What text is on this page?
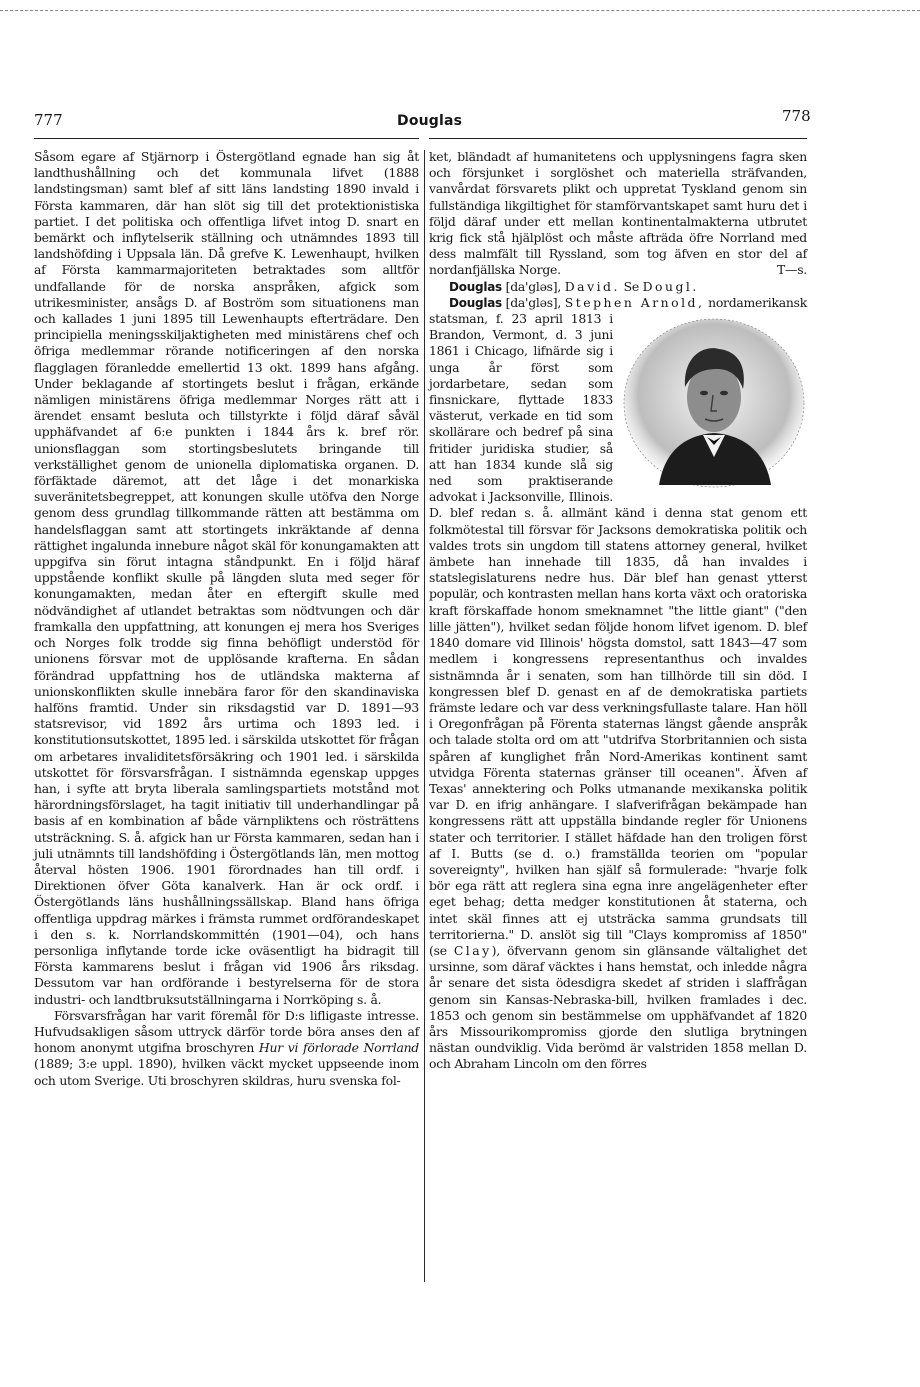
777	Douglas	778

Såsom egare af Stjärnorp i Östergötland egnade han sig åt landthushållning och det kommunala lifvet (1888 landstingsman) samt blef af sitt läns landsting 1890 invald i Första kammaren, där han slöt sig till det protektionistiska partiet. I det politiska och offentliga lifvet intog D. snart en bemärkt och inflytelserik ställning och utnämndes 1893 till landshöfding i Uppsala län. Då grefve K. Lewenhaupt, hvilken af Första kammarmajoriteten betraktades som alltför undfallande för de norska anspråken, afgick som utrikesminister, ansågs D. af Boström som situationens man och kallades 1 juni 1895 till Lewenhaupts efterträdare. Den principiella meningsskiljaktigheten med ministärens chef och öfriga medlemmar rörande notificeringen af den norska flagglagen föranledde emellertid 13 okt. 1899 hans afgång. Under beklagande af stortingets beslut i frågan, erkände nämligen ministärens öfriga medlemmar Norges rätt att i ärendet ensamt besluta och tillstyrkte i följd däraf såväl upphäfvandet af 6:e punkten i 1844 års k. bref rör. unionsflaggan som stortingsbeslutets bringande till verkställighet genom de unionella diplomatiska organen. D. förfäktade däremot, att det låge i det monarkiska suveränitetsbegreppet, att konungen skulle utöfva den Norge genom dess grundlag tillkommande rätten att bestämma om handelsflaggan samt att stortingets inkräktande af denna rättighet ingalunda innebure något skäl för konungamakten att uppgifva sin förut intagna ståndpunkt. En i följd häraf uppstående konflikt skulle på längden sluta med seger för konungamakten, medan åter en eftergift skulle med nödvändighet af utlandet betraktas som nödtvungen och där framkalla den uppfattning, att konungen ej mera hos Sveriges och Norges folk trodde sig finna behöfligt understöd för unionens försvar mot de upplösande krafterna. En sådan förändrad uppfattning hos de utländska makterna af unionskonflikten skulle innebära faror för den skandinaviska halföns framtid. Under sin riksdagstid var D. 1891—93 statsrevisor, vid 1892 års urtima och 1893 led. i konstitutionsutskottet, 1895 led. i särskilda utskottet för frågan om arbetares invaliditetsförsäkring och 1901 led. i särskilda utskottet för försvarsfrågan. I sistnämnda egenskap uppges han, i syfte att bryta liberala samlingspartiets motstånd mot härordningsförslaget, ha tagit initiativ till underhandlingar på basis af en kombination af både värnpliktens och rösträttens utsträckning. S. å. afgick han ur Första kammaren, sedan han i juli utnämnts till landshöfding i Östergötlands län, men mottog återval hösten 1906. 1901 förordnades han till ordf. i Direktionen öfver Göta kanalverk. Han är ock ordf. i Östergötlands läns hushållningssällskap. Bland hans öfriga offentliga uppdrag märkes i främsta rummet ordförandeskapet i den s. k. Norrlandskommittén (1901—04), och hans personliga inflytande torde icke oväsentligt ha bidragit till Första kammarens beslut i frågan vid 1906 års riksdag. Dessutom var han ordförande i bestyrelserna för de stora industri- och landtbruksutställningarna i Norrköping s. å.

Försvarsfrågan har varit föremål för D:s lifligaste intresse. Hufvudsakligen såsom uttryck därför torde böra anses den af honom anonymt utgifna broschyren Hur vi förlorade Norrland (1889; 3:e uppl. 1890), hvilken väckt mycket uppseende inom och utom Sverige. Uti broschyren skildras, huru svenska fol-

ket, bländadt af humanitetens och upplysningens fagra sken och försjunket i sorglöshet och materiella sträfvanden, vanvårdat försvarets plikt och uppretat Tyskland genom sin fullständiga likgiltighet för stamförvantskapet samt huru det i följd däraf under ett mellan kontinentalmakterna utbrutet krig fick stå hjälplöst och måste afträda öfre Norrland med dess malmfält till Ryssland, som tog äfven en stor del af nordanfjällska Norge.	T—s.

Douglas [da'gləs], David. Se Dougl.

Douglas [da'gləs], Stephen Arnold,
nordamerikansk statsman, f. 23 april 1813 i Brandon, Vermont, d. 3 juni 1861 i Chicago, lifnärde sig i unga år först som jordarbetare, sedan som finsnickare, flyttade 1833 västerut, verkade en tid som skollärare och bedref på sina fritider juridiska studier, så att han 1834 kunde slå sig ned som praktiserande advokat i Jacksonville, Illinois. D. blef redan s. å. allmänt känd i denna stat genom ett folkmötestal till försvar för Jacksons demokratiska politik och valdes trots sin ungdom till statens attorney general, hvilket ämbete han innehade till 1835, då han invaldes i statslegislaturens nedre hus. Där blef han genast ytterst populär, och kontrasten mellan hans korta växt och oratoriska kraft förskaffade honom smeknamnet "the little giant" ("den lille jätten"), hvilket sedan följde honom lifvet igenom. D. blef 1840 domare vid Illinois' högsta domstol, satt 1843—47 som medlem i kongressens representanthus och invaldes sistnämnda år i senaten, som han tillhörde till sin död. I kongressen blef D. genast en af de demokratiska partiets främste ledare och var dess verkningsfullaste talare. Han höll i Oregonfrågan på Förenta staternas längst gående anspråk och talade stolta ord om att "utdrifva Storbritannien och sista spåren af kunglighet från Nord-Amerikas kontinent samt utvidga Förenta staternas gränser till oceanen". Äfven af Texas' annektering och Polks utmanande mexikanska politik var D. en ifrig anhängare. I slafverifrågan bekämpade han kongressens rätt att uppställa bindande regler för Unionens stater och territorier. I stället häfdade han den troligen först af I. Butts (se d. o.) framställda teorien om "popular sovereignty", hvilken han själf så formulerade: "hvarje folk bör ega rätt att reglera sina egna inre angelägenheter efter eget behag; detta medger konstitutionen åt staterna, och intet skäl finnes att ej utsträcka samma grundsats till territorierna." D. anslöt sig till "Clays kompromiss af 1850" (se Clay), öfvervann genom sin glänsande vältalighet det ursinne, som däraf väcktes i hans hemstat, och inledde några år senare det sista ödesdigra skedet af striden i slaffrågan genom sin Kansas-Nebraska-bill, hvilken framlades i dec. 1853 och genom sin bestämmelse om upphäfvandet af 1820 års Missourikompromiss gjorde den slutliga brytningen nästan oundviklig. Vida berömd är valstriden 1858 mellan D. och Abraham Lincoln om den förres
